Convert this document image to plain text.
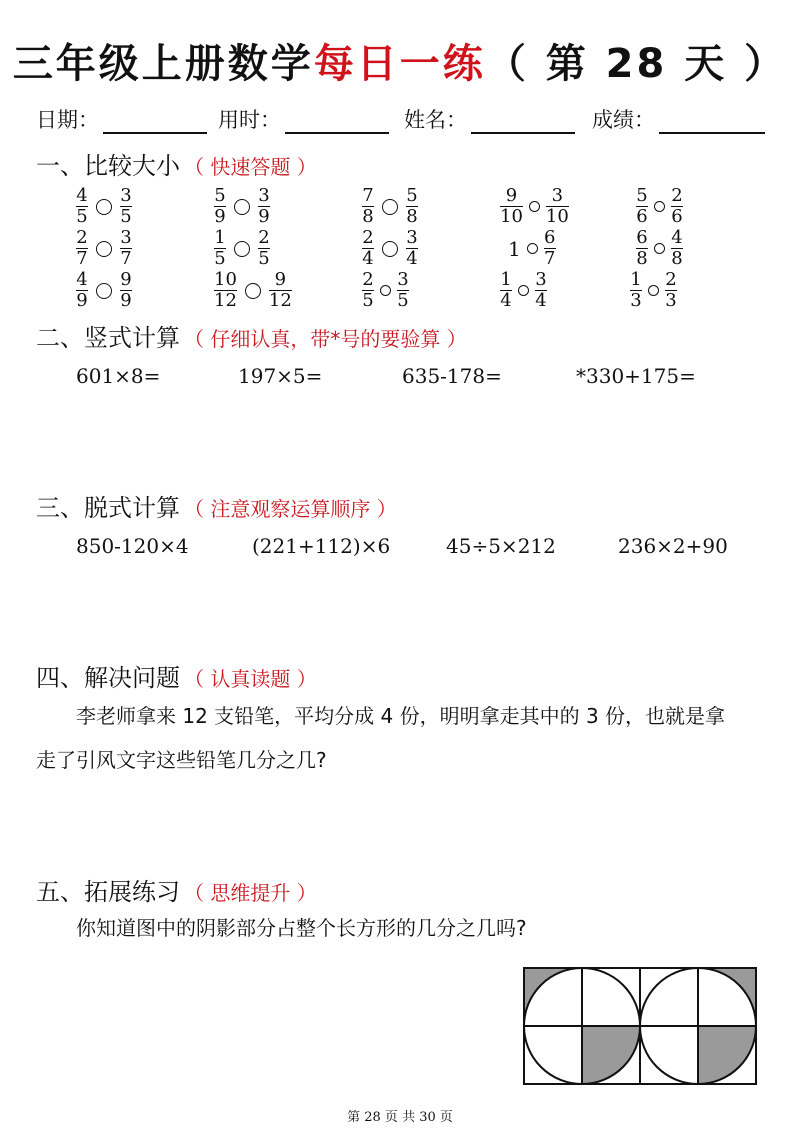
三年级上册数学每日一练（ 第 28 天 ）
日期：	用时：	姓名：	成绩：
一、比较大小 （ 快速答题 ）
$\frac{4}{5} \frac{3}{5}$	$\frac{5}{9} \frac{3}{9}$	$\frac{7}{8} \frac{5}{8}$	$\frac{9}{10} \frac{3}{10}$	$\frac{5}{6} \frac{2}{6}$
$\frac{2}{7} \frac{3}{7}$	$\frac{1}{5} \frac{2}{5}$	$\frac{2}{4} \frac{3}{4}$	$1 \frac{6}{7}$	$\frac{6}{8} \frac{4}{8}$
$\frac{4}{9} \frac{9}{9}$	$\frac{10}{12} \frac{9}{12}$	$\frac{2}{5} \frac{3}{5}$	$\frac{1}{4} \frac{3}{4}$	$\frac{1}{3} \frac{2}{3}$
二、竖式计算 （ 仔细认真，带*号的要验算 ）
601×8=	197×5=	635-178=	*330+175=
三、脱式计算 （ 注意观察运算顺序 ）
850-120×4	(221+112)×6	45÷5×212	236×2+90
四、解决问题 （ 认真读题 ）
李老师拿来 12 支铅笔，平均分成 4 份，明明拿走其中的 3 份，也就是拿
走了引风文字这些铅笔几分之几?
五、拓展练习 （ 思维提升 ）
你知道图中的阴影部分占整个长方形的几分之几吗?
第 28 页 共 30 页
